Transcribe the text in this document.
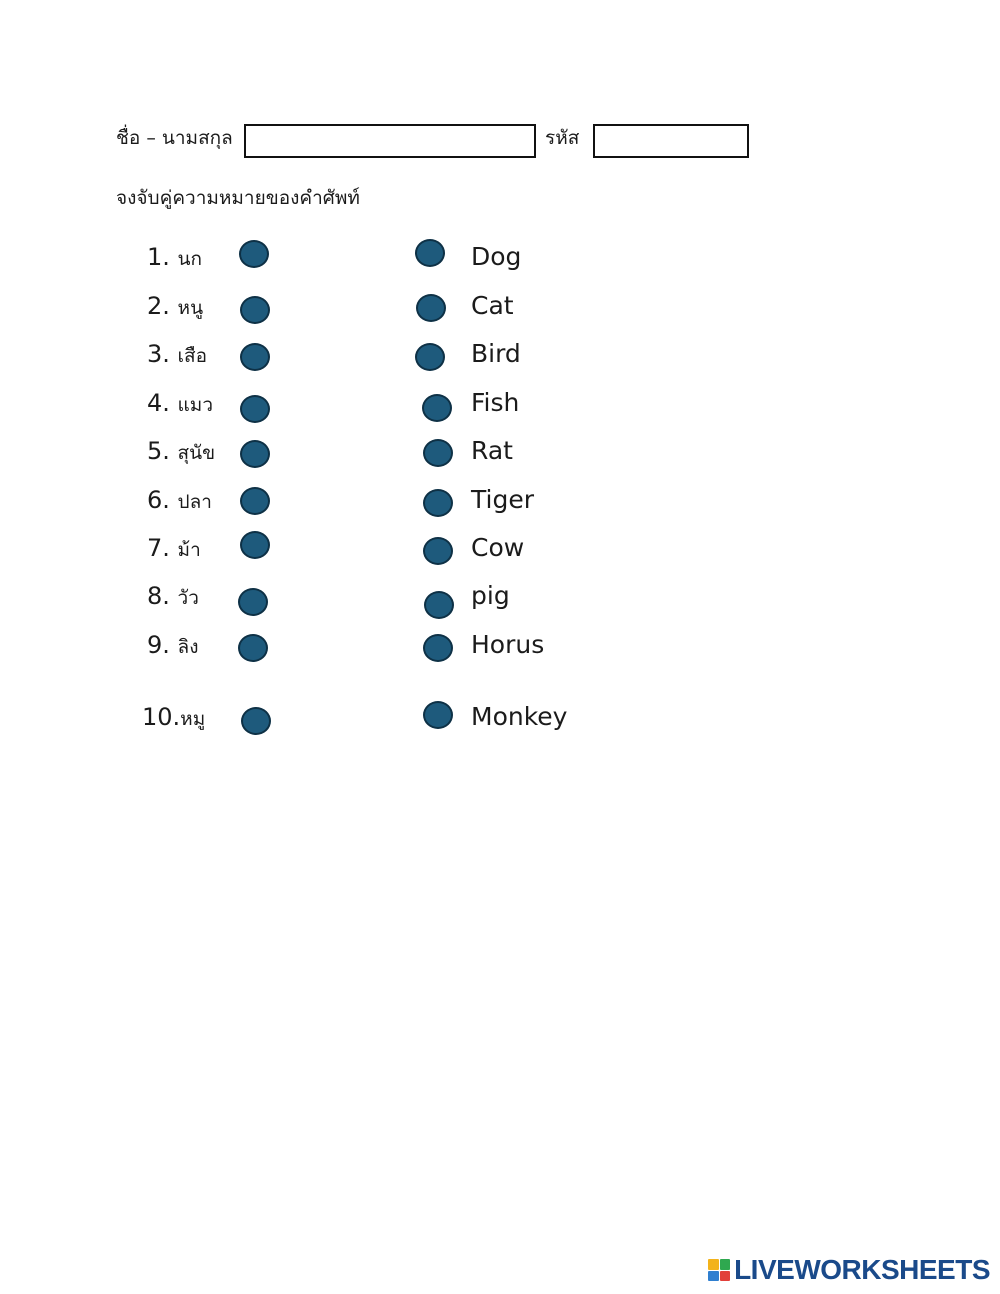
ชื่อ – นามสกุล	รหัส
จงจับคู่ความหมายของคำศัพท์
1. นก
2. หนู
3. เสือ
4. แมว
5. สุนัข
6. ปลา
7. ม้า
8. วัว
9. ลิง
10.หมู
Dog
Cat
Bird
Fish
Rat
Tiger
Cow
pig
Horus
Monkey
LIVEWORKSHEETS
